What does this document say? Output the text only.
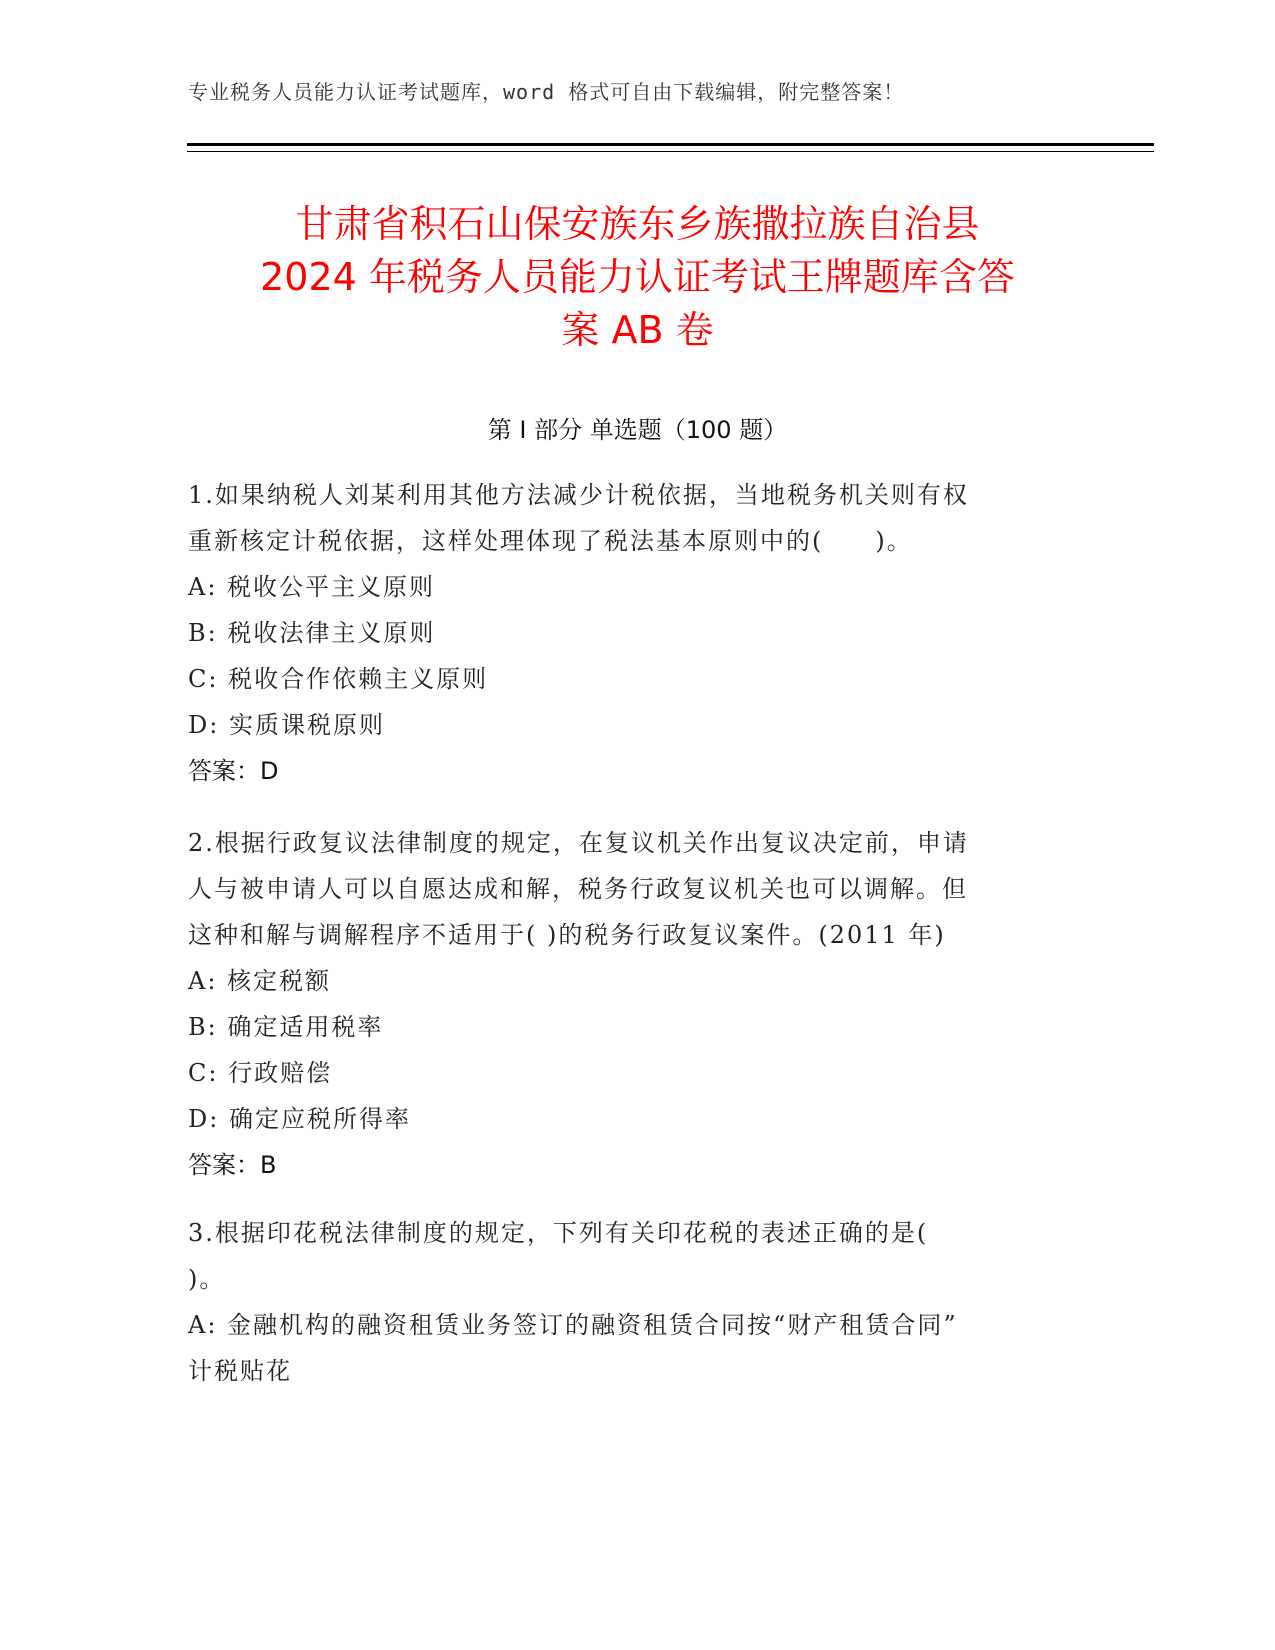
专业税务人员能力认证考试题库，word 格式可自由下载编辑，附完整答案！
甘肃省积石山保安族东乡族撒拉族自治县
2024 年税务人员能力认证考试王牌题库含答
案 AB 卷
第 I 部分 单选题（100 题）

1.如果纳税人刘某利用其他方法减少计税依据，当地税务机关则有权

重新核定计税依据，这样处理体现了税法基本原则中的(　　)。

A: 税收公平主义原则

B: 税收法律主义原则

C: 税收合作依赖主义原则

D: 实质课税原则

答案：D

2.根据行政复议法律制度的规定，在复议机关作出复议决定前，申请

人与被申请人可以自愿达成和解，税务行政复议机关也可以调解。但

这种和解与调解程序不适用于( )的税务行政复议案件。(2011 年)

A: 核定税额

B: 确定适用税率

C: 行政赔偿

D: 确定应税所得率

答案：B

3.根据印花税法律制度的规定，下列有关印花税的表述正确的是(

)。

A: 金融机构的融资租赁业务签订的融资租赁合同按“财产租赁合同”

计税贴花
